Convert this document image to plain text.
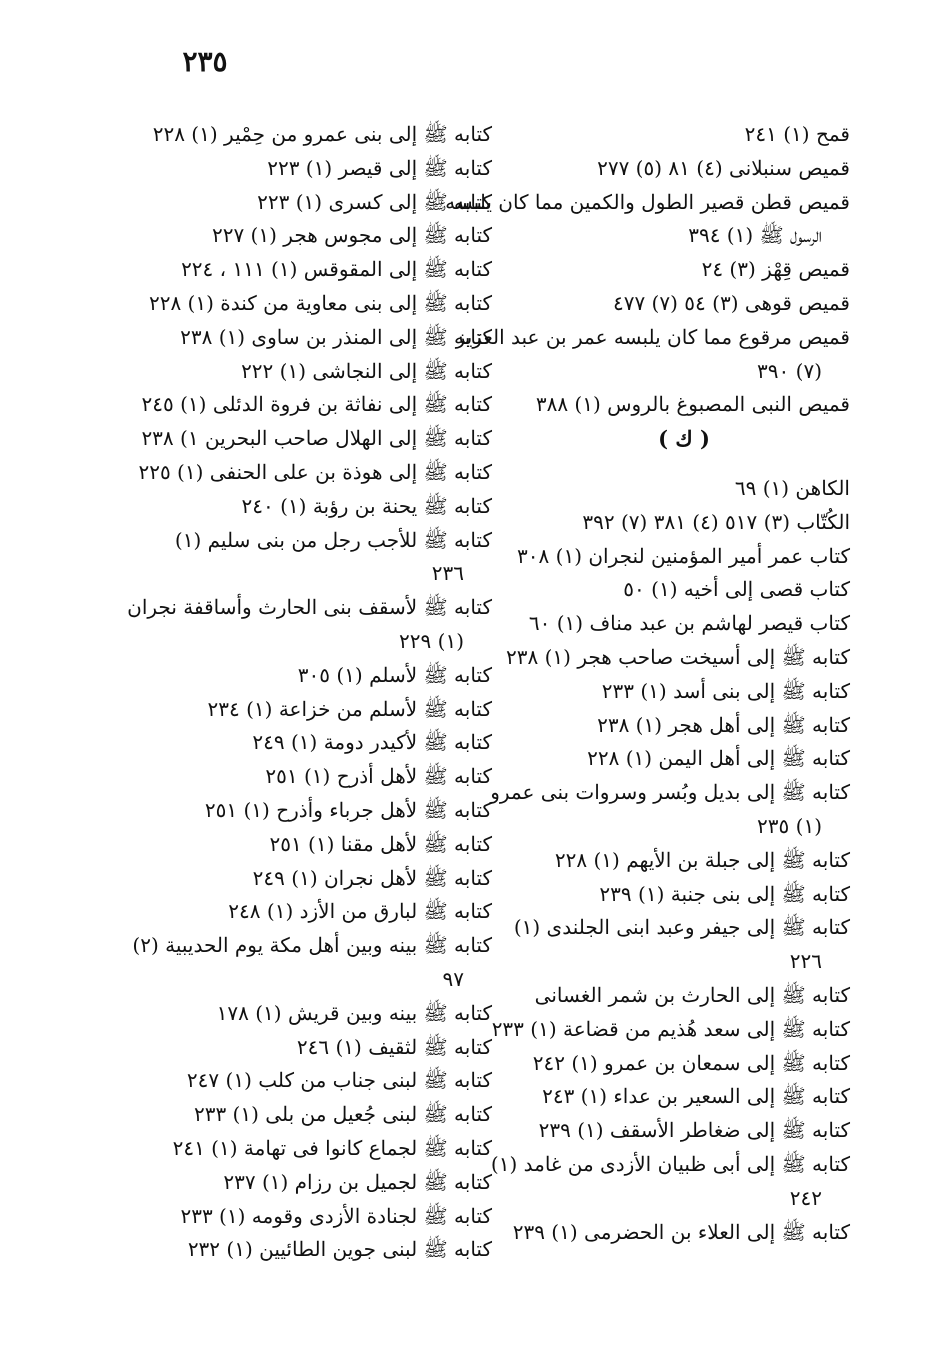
٢٣٥
قمح (١) ٢٤١
قميص سنبلانى (٤) ٨١ (٥) ٢٧٧
قميص قطن قصير الطول والكمين مما كان يلبسه
الرسول ﷺ (١) ٣٩٤
قميص قِهْز (٣) ٢٤
قميص قوهى (٣) ٥٤ (٧) ٤٧٧
قميص مرقوع مما كان يلبسه عمر بن عبد العزيز
(٧) ٣٩٠
قميص النبى المصبوغ بالروس (١) ٣٨٨
( ك )
الكاهن (١) ٦٩
الكُتّاب (٣) ٥١٧ (٤) ٣٨١ (٧) ٣٩٢
كتاب عمر أمير المؤمنين لنجران (١) ٣٠٨
كتاب قصى إلى أخيه (١) ٥٠
كتاب قيصر لهاشم بن عبد مناف (١) ٦٠
كتابه ﷺ إلى أسيخت صاحب هجر (١) ٢٣٨
كتابه ﷺ إلى بنى أسد (١) ٢٣٣
كتابه ﷺ إلى أهل هجر (١) ٢٣٨
كتابه ﷺ إلى أهل اليمن (١) ٢٢٨
كتابه ﷺ إلى بديل وبُسر وسروات بنى عمرو
(١) ٢٣٥
كتابه ﷺ إلى جبلة بن الأيهم (١) ٢٢٨
كتابه ﷺ إلى بنى جنبة (١) ٢٣٩
كتابه ﷺ إلى جيفر وعبد ابنى الجلندى (١)
٢٢٦
كتابه ﷺ إلى الحارث بن شمر الغسانى
كتابه ﷺ إلى سعد هُذيم من قضاعة (١) ٢٣٣
كتابه ﷺ إلى سمعان بن عمرو (١) ٢٤٢
كتابه ﷺ إلى السعير بن عداء (١) ٢٤٣
كتابه ﷺ إلى ضغاطر الأسقف (١) ٢٣٩
كتابه ﷺ إلى أبى ظبيان الأزدى من غامد (١)
٢٤٢
كتابه ﷺ إلى العلاء بن الحضرمى (١) ٢٣٩
كتابه ﷺ إلى بنى عمرو من حِمْير (١) ٢٢٨
كتابه ﷺ إلى قيصر (١) ٢٢٣
كتابه ﷺ إلى كسرى (١) ٢٢٣
كتابه ﷺ إلى مجوس هجر (١) ٢٢٧
كتابه ﷺ إلى المقوقس (١) ١١١ ، ٢٢٤
كتابه ﷺ إلى بنى معاوية من كندة (١) ٢٢٨
كتابه ﷺ إلى المنذر بن ساوى (١) ٢٣٨
كتابه ﷺ إلى النجاشى (١) ٢٢٢
كتابه ﷺ إلى نفاثة بن فروة الدئلى (١) ٢٤٥
كتابه ﷺ إلى الهلال صاحب البحرين ١) ٢٣٨
كتابه ﷺ إلى هوذة بن على الحنفى (١) ٢٢٥
كتابه ﷺ يحنة بن رؤبة (١) ٢٤٠
كتابه ﷺ للأجب رجل من بنى سليم (١)
٢٣٦
كتابه ﷺ لأسقف بنى الحارث وأساقفة نجران
(١) ٢٢٩
كتابه ﷺ لأسلم (١) ٣٠٥
كتابه ﷺ لأسلم من خزاعة (١) ٢٣٤
كتابه ﷺ لأكيدر دومة (١) ٢٤٩
كتابه ﷺ لأهل أذرح (١) ٢٥١
كتابه ﷺ لأهل جرباء وأذرح (١) ٢٥١
كتابه ﷺ لأهل مقنا (١) ٢٥١
كتابه ﷺ لأهل نجران (١) ٢٤٩
كتابه ﷺ لبارق من الأزد (١) ٢٤٨
كتابه ﷺ بينه وبين أهل مكة يوم الحديبية (٢)
٩٧
كتابه ﷺ بينه وبين قريش (١) ١٧٨
كتابه ﷺ لثقيف (١) ٢٤٦
كتابه ﷺ لبنى جناب من كلب (١) ٢٤٧
كتابه ﷺ لبنى جُعيل من بلى (١) ٢٣٣
كتابه ﷺ لجماع كانوا فى تهامة (١) ٢٤١
كتابه ﷺ لجميل بن رزام (١) ٢٣٧
كتابه ﷺ لجنادة الأزدى وقومه (١) ٢٣٣
كتابه ﷺ لبنى جوين الطائيين (١) ٢٣٢
